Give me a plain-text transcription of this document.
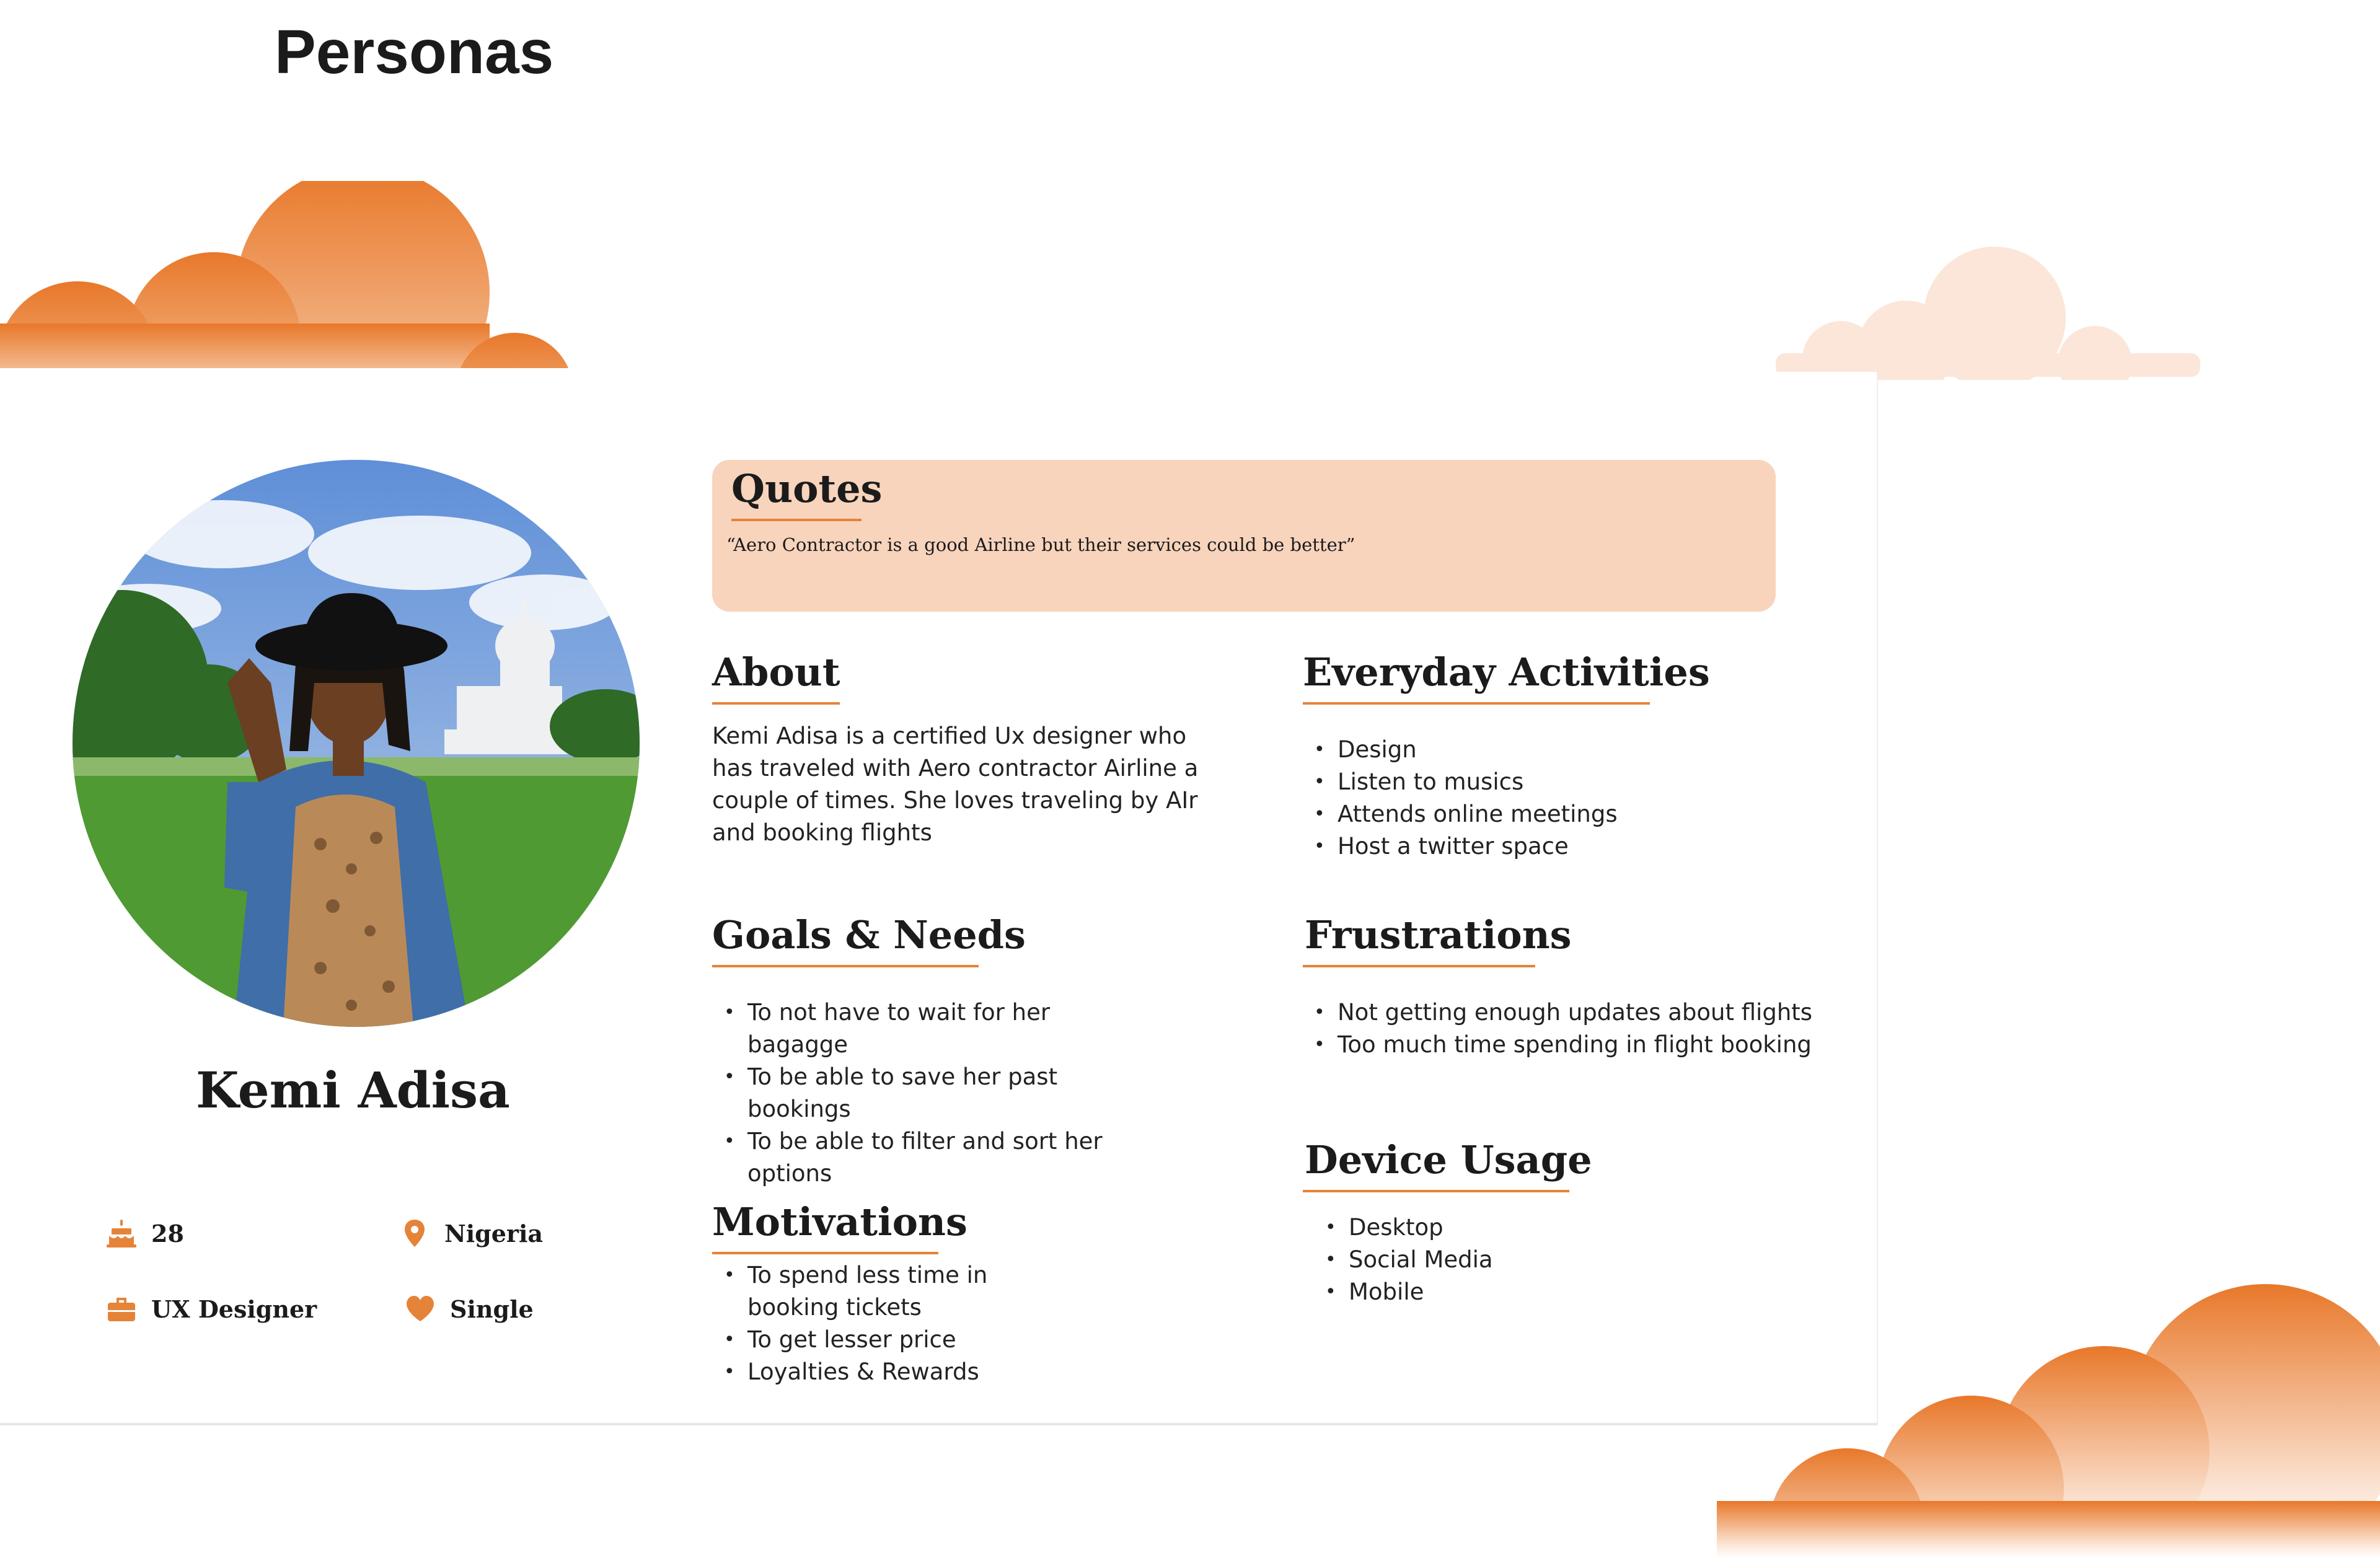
Personas
Kemi Adisa
28	Nigeria
UX Designer	Single
Quotes
“Aero Contractor is a good Airline but their services could be better”
About
Kemi Adisa is a certified Ux designer who
has traveled with Aero contractor Airline a
couple of times. She loves traveling by AIr
and booking flights
Everyday Activities
• Design
• Listen to musics
• Attends online meetings
• Host a twitter space
Goals & Needs
• To not have to wait for her
bagagge
• To be able to save her past
bookings
• To be able to filter and sort her
options
Frustrations
• Not getting enough updates about flights
• Too much time spending in flight booking
Motivations
• To spend less time in
booking tickets
• To get lesser price
• Loyalties & Rewards
Device Usage
• Desktop
• Social Media
• Mobile
